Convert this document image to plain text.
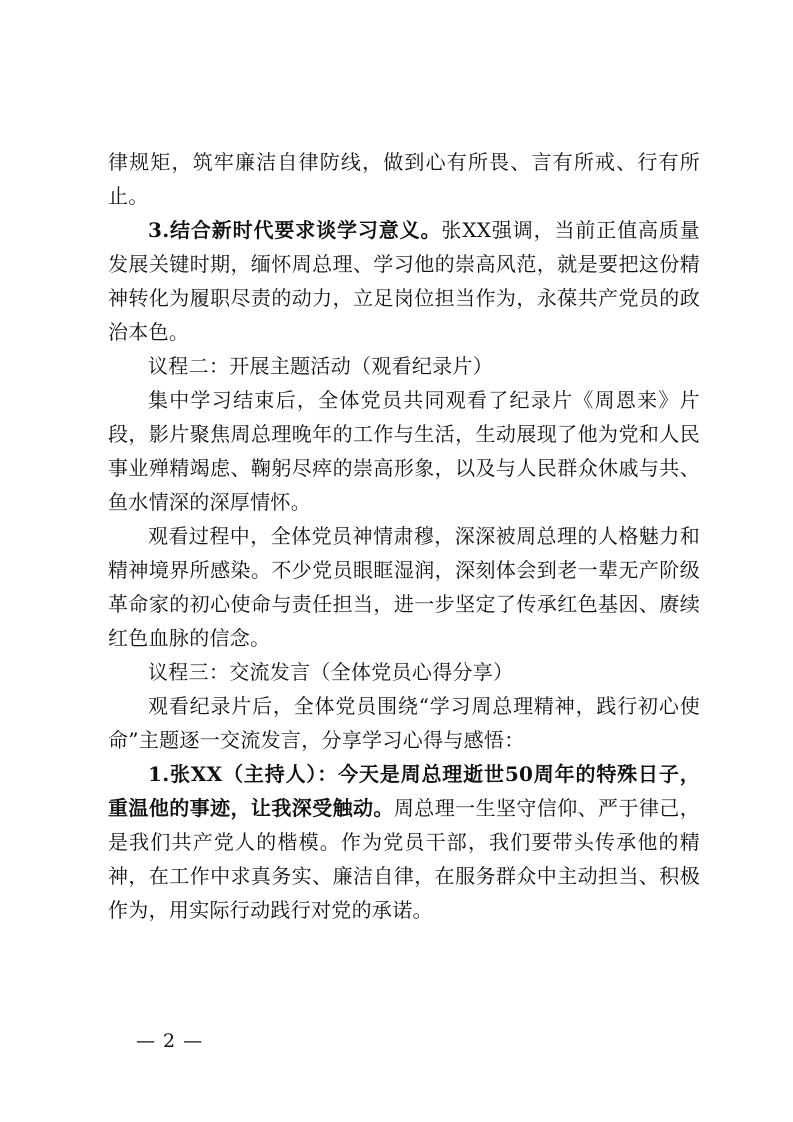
律规矩，筑牢廉洁自律防线，做到心有所畏、言有所戒、行有所止。

3.结合新时代要求谈学习意义。张XX强调，当前正值高质量发展关键时期，缅怀周总理、学习他的崇高风范，就是要把这份精神转化为履职尽责的动力，立足岗位担当作为，永葆共产党员的政治本色。

议程二：开展主题活动（观看纪录片）

集中学习结束后，全体党员共同观看了纪录片《周恩来》片段，影片聚焦周总理晚年的工作与生活，生动展现了他为党和人民事业殚精竭虑、鞠躬尽瘁的崇高形象，以及与人民群众休戚与共、鱼水情深的深厚情怀。

观看过程中，全体党员神情肃穆，深深被周总理的人格魅力和精神境界所感染。不少党员眼眶湿润，深刻体会到老一辈无产阶级革命家的初心使命与责任担当，进一步坚定了传承红色基因、赓续红色血脉的信念。

议程三：交流发言（全体党员心得分享）

观看纪录片后，全体党员围绕“学习周总理精神，践行初心使命”主题逐一交流发言，分享学习心得与感悟：

1.张XX（主持人）：今天是周总理逝世50周年的特殊日子，重温他的事迹，让我深受触动。周总理一生坚守信仰、严于律己，是我们共产党人的楷模。作为党员干部，我们要带头传承他的精神，在工作中求真务实、廉洁自律，在服务群众中主动担当、积极作为，用实际行动践行对党的承诺。

— 2 —
